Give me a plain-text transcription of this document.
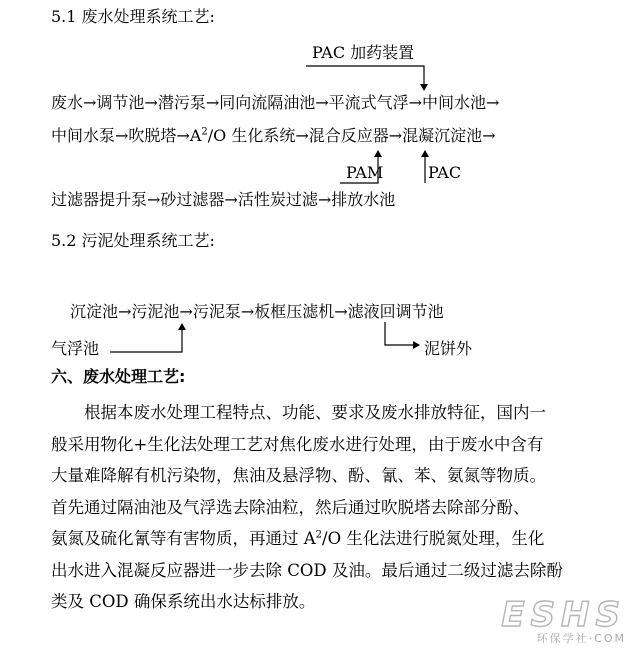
5.1 废水处理系统工艺:
PAC 加药装置
废水→调节池→潜污泵→同向流隔油池→平流式气浮→中间水池→
中间水泵→吹脱塔$\to A^2/O$ 生化系统→混合反应器→混凝沉淀池→
PAM	PAC
过滤器提升泵→砂过滤器→活性炭过滤→排放水池
5.2 污泥处理系统工艺:
沉淀池→污泥池→污泥泵→板框压滤机→滤液回调节池
气浮池	泥饼外
六、废水处理工艺:
根据本废水处理工程特点、功能、要求及废水排放特征，国内一
般采用物化+生化法处理工艺对焦化废水进行处理，由于废水中含有
大量难降解有机污染物，焦油及悬浮物、酚、氰、苯、氨氮等物质。
首先通过隔油池及气浮选去除油粒，然后通过吹脱塔去除部分酚、
氨氮及硫化氰等有害物质，再通过 $A^2/O$ 生化法进行脱氮处理，生化
出水进入混凝反应器进一步去除 COD 及油。最后通过二级过滤去除酚
类及 COD 确保系统出水达标排放。	ESHS
环保学社·COM
